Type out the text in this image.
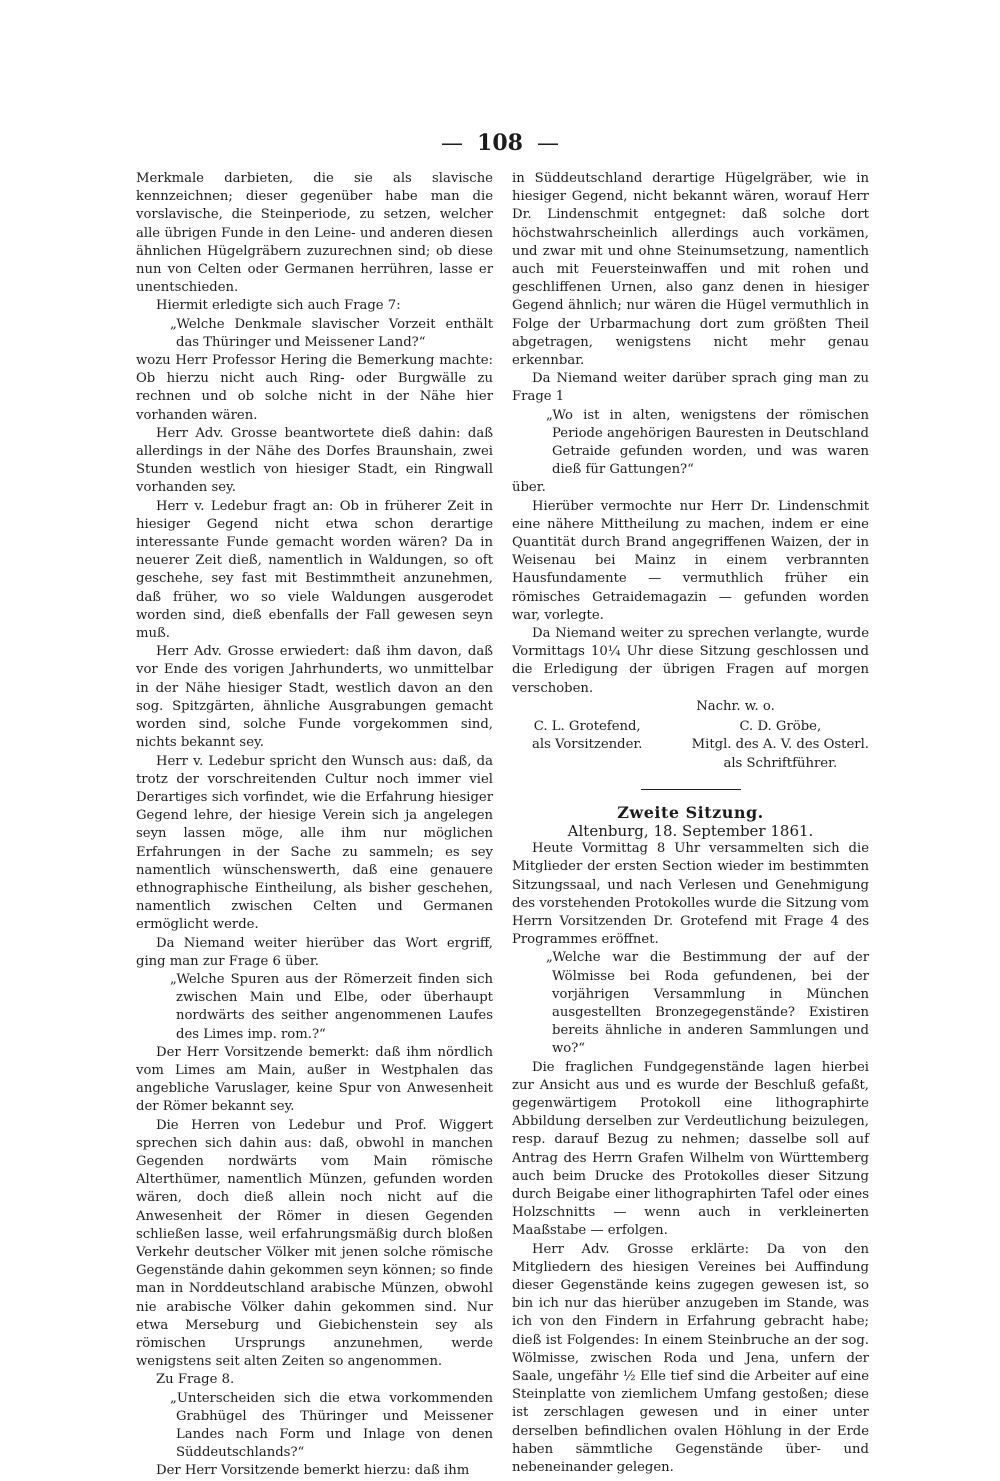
— 108 —

Merkmale darbieten, die sie als slavische kennzeichnen; dieser gegenüber habe man die vorslavische, die Steinperiode, zu setzen, welcher alle übrigen Funde in den Leine- und anderen diesen ähnlichen Hügelgräbern zuzurechnen sind; ob diese nun von Celten oder Germanen herrühren, lasse er unentschieden.

Hiermit erledigte sich auch Frage 7:

„Welche Denkmale slavischer Vorzeit enthält das Thüringer und Meissener Land?“

wozu Herr Professor Hering die Bemerkung machte: Ob hierzu nicht auch Ring- oder Burgwälle zu rechnen und ob solche nicht in der Nähe hier vorhanden wären.

Herr Adv. Grosse beantwortete dieß dahin: daß allerdings in der Nähe des Dorfes Braunshain, zwei Stunden westlich von hiesiger Stadt, ein Ringwall vorhanden sey.

Herr v. Ledebur fragt an: Ob in früherer Zeit in hiesiger Gegend nicht etwa schon derartige interessante Funde gemacht worden wären? Da in neuerer Zeit dieß, namentlich in Waldungen, so oft geschehe, sey fast mit Bestimmtheit anzunehmen, daß früher, wo so viele Waldungen ausgerodet worden sind, dieß ebenfalls der Fall gewesen seyn muß.

Herr Adv. Grosse erwiedert: daß ihm davon, daß vor Ende des vorigen Jahrhunderts, wo unmittelbar in der Nähe hiesiger Stadt, westlich davon an den sog. Spitzgärten, ähnliche Ausgrabungen gemacht worden sind, solche Funde vorgekommen sind, nichts bekannt sey.

Herr v. Ledebur spricht den Wunsch aus: daß, da trotz der vorschreitenden Cultur noch immer viel Derartiges sich vorfindet, wie die Erfahrung hiesiger Gegend lehre, der hiesige Verein sich ja angelegen seyn lassen möge, alle ihm nur möglichen Erfahrungen in der Sache zu sammeln; es sey namentlich wünschenswerth, daß eine genauere ethnographische Eintheilung, als bisher geschehen, namentlich zwischen Celten und Germanen ermöglicht werde.

Da Niemand weiter hierüber das Wort ergriff, ging man zur Frage 6 über.

„Welche Spuren aus der Römerzeit finden sich zwischen Main und Elbe, oder überhaupt nordwärts des seither angenommenen Laufes des Limes imp. rom.?“

Der Herr Vorsitzende bemerkt: daß ihm nördlich vom Limes am Main, außer in Westphalen das angebliche Varuslager, keine Spur von Anwesenheit der Römer bekannt sey.

Die Herren von Ledebur und Prof. Wiggert sprechen sich dahin aus: daß, obwohl in manchen Gegenden nordwärts vom Main römische Alterthümer, namentlich Münzen, gefunden worden wären, doch dieß allein noch nicht auf die Anwesenheit der Römer in diesen Gegenden schließen lasse, weil erfahrungsmäßig durch bloßen Verkehr deutscher Völker mit jenen solche römische Gegenstände dahin gekommen seyn können; so finde man in Norddeutschland arabische Münzen, obwohl nie arabische Völker dahin gekommen sind. Nur etwa Merseburg und Giebichenstein sey als römischen Ursprungs anzunehmen, werde wenigstens seit alten Zeiten so angenommen.

Zu Frage 8.

„Unterscheiden sich die etwa vorkommenden Grabhügel des Thüringer und Meissener Landes nach Form und Inlage von denen Süddeutschlands?“

Der Herr Vorsitzende bemerkt hierzu: daß ihm

in Süddeutschland derartige Hügelgräber, wie in hiesiger Gegend, nicht bekannt wären, worauf Herr Dr. Lindenschmit entgegnet: daß solche dort höchstwahrscheinlich allerdings auch vorkämen, und zwar mit und ohne Steinumsetzung, namentlich auch mit Feuersteinwaffen und mit rohen und geschliffenen Urnen, also ganz denen in hiesiger Gegend ähnlich; nur wären die Hügel vermuthlich in Folge der Urbarmachung dort zum größten Theil abgetragen, wenigstens nicht mehr genau erkennbar.

Da Niemand weiter darüber sprach ging man zu Frage 1

„Wo ist in alten, wenigstens der römischen Periode angehörigen Bauresten in Deutschland Getraide gefunden worden, und was waren dieß für Gattungen?“

über.

Hierüber vermochte nur Herr Dr. Lindenschmit eine nähere Mittheilung zu machen, indem er eine Quantität durch Brand angegriffenen Waizen, der in Weisenau bei Mainz in einem verbrannten Hausfundamente — vermuthlich früher ein römisches Getraidemagazin — gefunden worden war, vorlegte.

Da Niemand weiter zu sprechen verlangte, wurde Vormittags 10¼ Uhr diese Sitzung geschlossen und die Erledigung der übrigen Fragen auf morgen verschoben.

Nachr. w. o.
C. L. Grotefend,
als Vorsitzender.
C. D. Gröbe,
Mitgl. des A. V. des Osterl.
als Schriftführer.

Zweite Sitzung.

Altenburg, 18. September 1861.

Heute Vormittag 8 Uhr versammelten sich die Mitglieder der ersten Section wieder im bestimmten Sitzungssaal, und nach Verlesen und Genehmigung des vorstehenden Protokolles wurde die Sitzung vom Herrn Vorsitzenden Dr. Grotefend mit Frage 4 des Programmes eröffnet.

„Welche war die Bestimmung der auf der Wölmisse bei Roda gefundenen, bei der vorjährigen Versammlung in München ausgestellten Bronzegegenstände? Existiren bereits ähnliche in anderen Sammlungen und wo?“

Die fraglichen Fundgegenstände lagen hierbei zur Ansicht aus und es wurde der Beschluß gefaßt, gegenwärtigem Protokoll eine lithographirte Abbildung derselben zur Verdeutlichung beizulegen, resp. darauf Bezug zu nehmen; dasselbe soll auf Antrag des Herrn Grafen Wilhelm von Württemberg auch beim Drucke des Protokolles dieser Sitzung durch Beigabe einer lithographirten Tafel oder eines Holzschnitts — wenn auch in verkleinerten Maaßstabe — erfolgen.

Herr Adv. Grosse erklärte: Da von den Mitgliedern des hiesigen Vereines bei Auffindung dieser Gegenstände keins zugegen gewesen ist, so bin ich nur das hierüber anzugeben im Stande, was ich von den Findern in Erfahrung gebracht habe; dieß ist Folgendes: In einem Steinbruche an der sog. Wölmisse, zwischen Roda und Jena, unfern der Saale, ungefähr ½ Elle tief sind die Arbeiter auf eine Steinplatte von ziemlichem Umfang gestoßen; diese ist zerschlagen gewesen und in einer unter derselben befindlichen ovalen Höhlung in der Erde haben sämmtliche Gegenstände über- und nebeneinander gelegen.
